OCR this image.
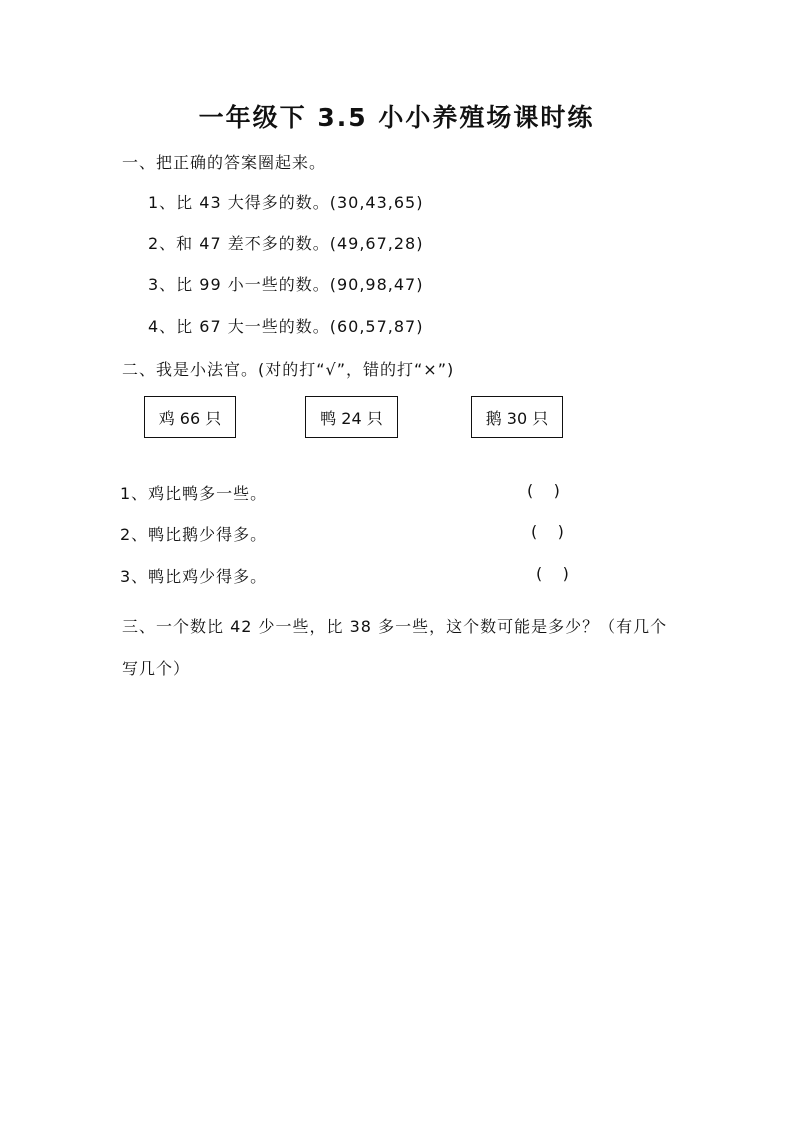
一年级下 3.5 小小养殖场课时练
一、把正确的答案圈起来。
1、比 43 大得多的数。(30,43,65)
2、和 47 差不多的数。(49,67,28)
3、比 99 小一些的数。(90,98,47)
4、比 67 大一些的数。(60,57,87)
二、我是小法官。(对的打“√”，错的打“×”)
鸡 66 只	鸭 24 只	鹅 30 只
1、鸡比鸭多一些。	(    )
2、鸭比鹅少得多。	(    )
3、鸭比鸡少得多。	(    )
三、一个数比 42 少一些，比 38 多一些，这个数可能是多少？（有几个写几个）
